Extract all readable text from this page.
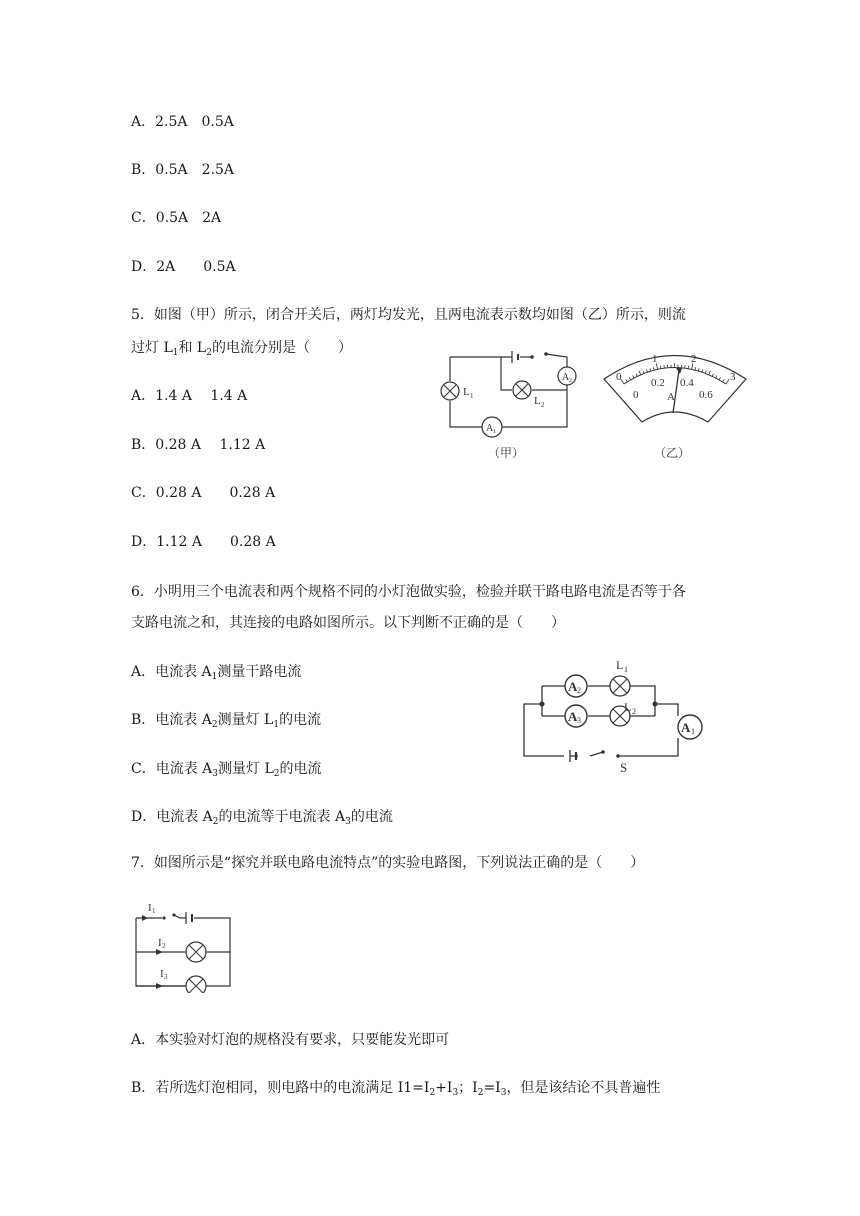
A．2.5A　0.5A
B．0.5A　2.5A
C．0.5A　2A
D．2A　　0.5A
5．如图（甲）所示，闭合开关后，两灯均发光，且两电流表示数均如图（乙）所示，则流
过灯 $L_1$和 $L_2$的电流分别是（　　）
A．1.4 A　 1.4 A
B．0.28 A　 1.12 A
C．0.28 A　　0.28 A
D．1.12 A　　0.28 A
L 1	L 2
A 2
A 1
（甲）
0
1	2
3
0
0.2 0.4
0.6
A
（乙）
6．小明用三个电流表和两个规格不同的小灯泡做实验，检验并联干路电路电流是否等于各
支路电流之和，其连接的电路如图所示。以下判断不正确的是（　　）
A．电流表 $A_1$测量干路电流
B．电流表 $A_2$测量灯 $L_1$的电流
C．电流表 $A_3$测量灯 $L_2$的电流
D．电流表 $A_2$的电流等于电流表 $A_3$的电流
A 2
A 3
L 1
L 2
A 1
S
7．如图所示是“探究并联电路电流特点”的实验电路图，下列说法正确的是（　　）
I 1
I 2
I 3
A．本实验对灯泡的规格没有要求，只要能发光即可
B．若所选灯泡相同，则电路中的电流满足 $I1=I_2+I_3$；$I_2=I_3$，但是该结论不具普遍性
